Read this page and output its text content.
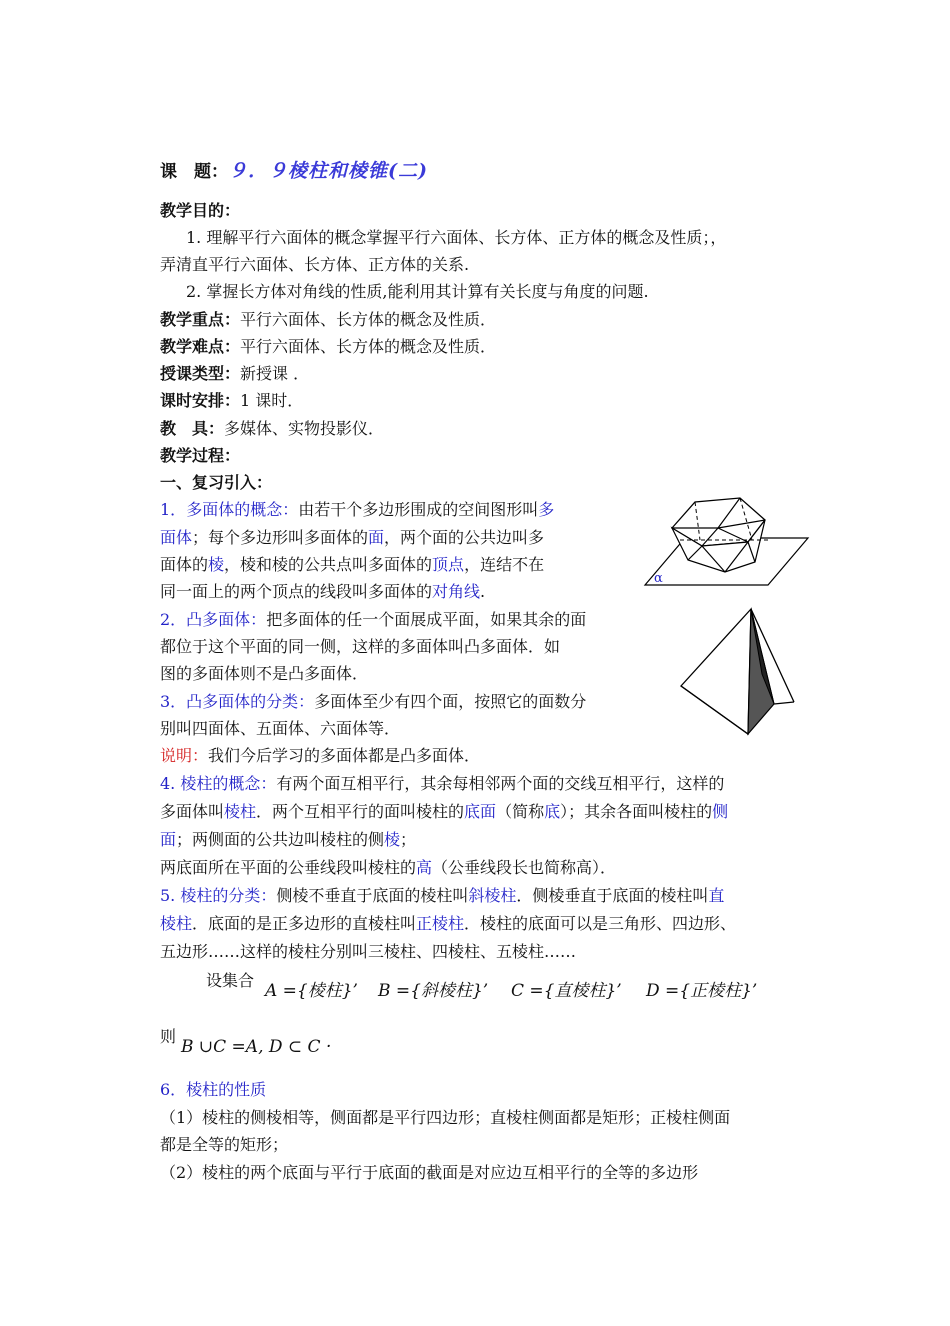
课　题：９．９棱柱和棱锥(二)
教学目的：
1. 理解平行六面体的概念掌握平行六面体、长方体、正方体的概念及性质；，
弄清直平行六面体、长方体、正方体的关系.
2. 掌握长方体对角线的性质,能利用其计算有关长度与角度的问题.
教学重点：平行六面体、长方体的概念及性质．
教学难点：平行六面体、长方体的概念及性质．
授课类型：新授课 ．
课时安排：1 课时．
教　具：多媒体、实物投影仪．
教学过程：
一、复习引入：
1．多面体的概念：由若干个多边形围成的空间图形叫多
面体；每个多边形叫多面体的面，两个面的公共边叫多
面体的棱，棱和棱的公共点叫多面体的顶点，连结不在
同一面上的两个顶点的线段叫多面体的对角线.
2．凸多面体：把多面体的任一个面展成平面，如果其余的面
都位于这个平面的同一侧，这样的多面体叫凸多面体．如
图的多面体则不是凸多面体．
3．凸多面体的分类：多面体至少有四个面，按照它的面数分
别叫四面体、五面体、六面体等．
说明：我们今后学习的多面体都是凸多面体．
4. 棱柱的概念：有两个面互相平行，其余每相邻两个面的交线互相平行，这样的
多面体叫棱柱．两个互相平行的面叫棱柱的底面（简称底）；其余各面叫棱柱的侧
面；两侧面的公共边叫棱柱的侧棱；
两底面所在平面的公垂线段叫棱柱的高（公垂线段长也简称高）．
5. 棱柱的分类：侧棱不垂直于底面的棱柱叫斜棱柱．侧棱垂直于底面的棱柱叫直
棱柱．底面的是正多边形的直棱柱叫正棱柱．棱柱的底面可以是三角形、四边形、
五边形……这样的棱柱分别叫三棱柱、四棱柱、五棱柱……
设集合
A ={棱柱}’ B ={斜棱柱}’ C ={直棱柱}’ D ={正棱柱}’
则
B ∪C =A, D ⊂ C ·
6．棱柱的性质
（1）棱柱的侧棱相等，侧面都是平行四边形；直棱柱侧面都是矩形；正棱柱侧面
都是全等的矩形；
（2）棱柱的两个底面与平行于底面的截面是对应边互相平行的全等的多边形
α
